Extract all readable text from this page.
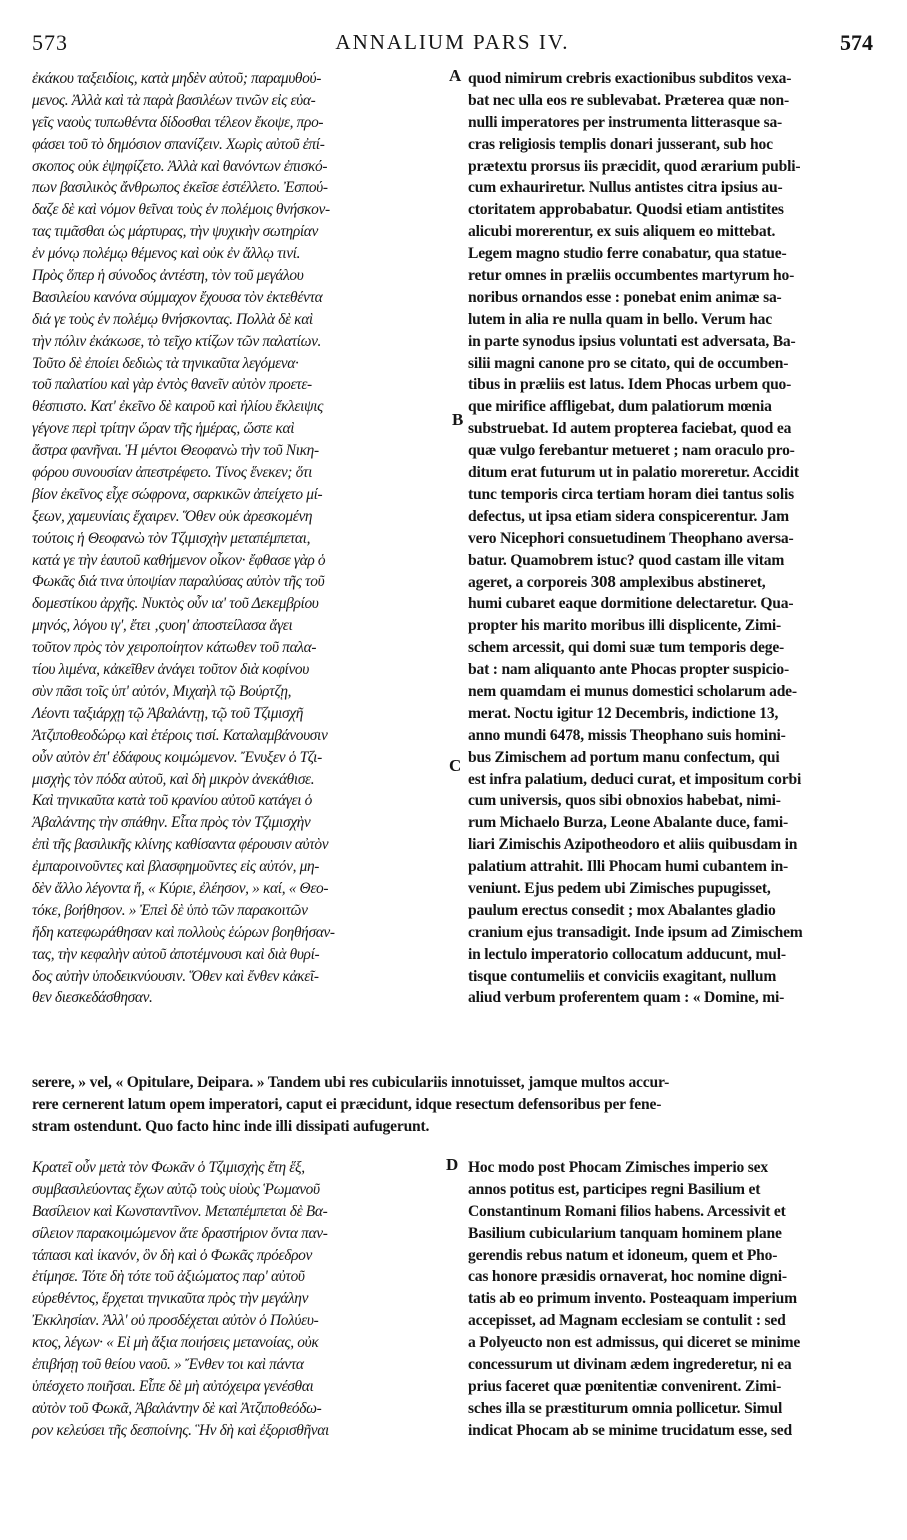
573	ANNALIUM PARS IV.	574
ἐκάκου ταξειδίοις, κατὰ μηδὲν αὐτοῦ; παραμυθού-
μενος. Ἀλλὰ καὶ τὰ παρὰ βασιλέων τινῶν εἰς εὐα-
γεῖς ναοὺς τυπωθέντα δίδοσθαι τέλεον ἔκοψε, προ-
φάσει τοῦ τὸ δημόσιον σπανίζειν. Χωρὶς αὐτοῦ ἐπί-
σκοπος οὐκ ἐψηφίζετο. Ἀλλὰ καὶ θανόντων ἐπισκό-
πων βασιλικὸς ἄνθρωπος ἐκεῖσε ἐστέλλετο. Ἐσπού-
δαζε δὲ καὶ νόμον θεῖναι τοὺς ἐν πολέμοις θνήσκον-
τας τιμᾶσθαι ὡς μάρτυρας, τὴν ψυχικὴν σωτηρίαν
ἐν μόνῳ πολέμῳ θέμενος καὶ οὐκ ἐν ἄλλῳ τινί.
Πρὸς ὅπερ ἡ σύνοδος ἀντέστη, τὸν τοῦ μεγάλου
Βασιλείου κανόνα σύμμαχον ἔχουσα τὸν ἐκτεθέντα
διά γε τοὺς ἐν πολέμῳ θνήσκοντας. Πολλὰ δὲ καὶ
τὴν πόλιν ἐκάκωσε, τὸ τεῖχο κτίζων τῶν παλατίων.
Τοῦτο δὲ ἐποίει δεδιὼς τὰ τηνικαῦτα λεγόμενα·
τοῦ παλατίου καὶ γὰρ ἐντὸς θανεῖν αὐτὸν προετε-
θέσπιστο. Κατ' ἐκεῖνο δὲ καιροῦ καὶ ἡλίου ἔκλειψις
γέγονε περὶ τρίτην ὥραν τῆς ἡμέρας, ὥστε καὶ
ἄστρα φανῆναι. Ἡ μέντοι Θεοφανὼ τὴν τοῦ Νικη-
φόρου συνουσίαν ἀπεστρέφετο. Τίνος ἕνεκεν; ὅτι
βίον ἐκεῖνος εἶχε σώφρονα, σαρκικῶν ἀπείχετο μί-
ξεων, χαμευνίαις ἔχαιρεν. Ὅθεν οὐκ ἀρεσκομένη
τούτοις ἡ Θεοφανὼ τὸν Τζιμισχὴν μεταπέμπεται,
κατά γε τὴν ἑαυτοῦ καθήμενον οἶκον· ἔφθασε γὰρ ὁ
Φωκᾶς διά τινα ὑποψίαν παραλύσας αὐτὸν τῆς τοῦ
δομεστίκου ἀρχῆς. Νυκτὸς οὖν ια' τοῦ Δεκεμβρίου
μηνός, λόγου ιγ', ἔτει ‚ςυοη' ἀποστείλασα ἄγει
τοῦτον πρὸς τὸν χειροποίητον κάτωθεν τοῦ παλα-
τίου λιμένα, κἀκεῖθεν ἀνάγει τοῦτον διὰ κοφίνου
σὺν πᾶσι τοῖς ὑπ' αὐτόν, Μιχαὴλ τῷ Βούρτζῃ,
Λέοντι ταξιάρχῃ τῷ Ἀβαλάντῃ, τῷ τοῦ Τζιμισχῆ
Ἀτζιποθεοδώρῳ καὶ ἑτέροις τισί. Καταλαμβάνουσιν
οὖν αὐτὸν ἐπ' ἐδάφους κοιμώμενον. Ἔνυξεν ὁ Τζι-
μισχὴς τὸν πόδα αὐτοῦ, καὶ δὴ μικρὸν ἀνεκάθισε.
Καὶ τηνικαῦτα κατὰ τοῦ κρανίου αὐτοῦ κατάγει ὁ
Ἀβαλάντης τὴν σπάθην. Εἶτα πρὸς τὸν Τζιμισχὴν
ἐπὶ τῆς βασιλικῆς κλίνης καθίσαντα φέρουσιν αὐτὸν
ἐμπαροινοῦντες καὶ βλασφημοῦντες εἰς αὐτόν, μη-
δὲν ἄλλο λέγοντα ἤ, « Κύριε, ἐλέησον, » καί, « Θεο-
τόκε, βοήθησον. » Ἐπεὶ δὲ ὑπὸ τῶν παρακοιτῶν
ἤδη κατεφωράθησαν καὶ πολλοὺς ἑώρων βοηθήσαν-
τας, τὴν κεφαλὴν αὐτοῦ ἀποτέμνουσι καὶ διὰ θυρί-
δος αὐτὴν ὑποδεικνύουσιν. Ὅθεν καὶ ἔνθεν κἀκεῖ-
θεν διεσκεδάσθησαν.
quod nimirum crebris exactionibus subditos vexa-
bat nec ulla eos re sublevabat. Præterea quæ non-
nulli imperatores per instrumenta litterasque sa-
cras religiosis templis donari jusserant, sub hoc
prætextu prorsus iis præcidit, quod ærarium publi-
cum exhauriretur. Nullus antistes citra ipsius au-
ctoritatem approbabatur. Quodsi etiam antistites
alicubi morerentur, ex suis aliquem eo mittebat.
Legem magno studio ferre conabatur, qua statue-
retur omnes in præliis occumbentes martyrum ho-
noribus ornandos esse : ponebat enim animæ sa-
lutem in alia re nulla quam in bello. Verum hac
in parte synodus ipsius voluntati est adversata, Ba-
silii magni canone pro se citato, qui de occumben-
tibus in præliis est latus. Idem Phocas urbem quo-
que mirifice affligebat, dum palatiorum mœnia
substruebat. Id autem propterea faciebat, quod ea
quæ vulgo ferebantur metueret ; nam oraculo pro-
ditum erat futurum ut in palatio moreretur. Accidit
tunc temporis circa tertiam horam diei tantus solis
defectus, ut ipsa etiam sidera conspicerentur. Jam
vero Nicephori consuetudinem Theophano aversa-
batur. Quamobrem istuc? quod castam ille vitam
ageret, a corporeis 308 amplexibus abstineret,
humi cubaret eaque dormitione delectaretur. Qua-
propter his marito moribus illi displicente, Zimi-
schem arcessit, qui domi suæ tum temporis dege-
bat : nam aliquanto ante Phocas propter suspicio-
nem quamdam ei munus domestici scholarum ade-
merat. Noctu igitur 12 Decembris, indictione 13,
anno mundi 6478, missis Theophano suis homini-
bus Zimischem ad portum manu confectum, qui
est infra palatium, deduci curat, et impositum corbi
cum universis, quos sibi obnoxios habebat, nimi-
rum Michaelo Burza, Leone Abalante duce, fami-
liari Zimischis Azipotheodoro et aliis quibusdam in
palatium attrahit. Illi Phocam humi cubantem in-
veniunt. Ejus pedem ubi Zimisches pupugisset,
paulum erectus consedit ; mox Abalantes gladio
cranium ejus transadigit. Inde ipsum ad Zimischem
in lectulo imperatorio collocatum adducunt, mul-
tisque contumeliis et conviciis exagitant, nullum
aliud verbum proferentem quam : « Domine, mi-
A
B
C
D
serere, » vel, « Opitulare, Deipara. » Tandem ubi res cubiculariis innotuisset, jamque multos accur-
rere cernerent latum opem imperatori, caput ei præcidunt, idque resectum defensoribus per fene-
stram ostendunt. Quo facto hinc inde illi dissipati aufugerunt.
Κρατεῖ οὖν μετὰ τὸν Φωκᾶν ὁ Τζιμισχὴς ἔτη ἕξ,
συμβασιλεύοντας ἔχων αὐτῷ τοὺς υἱοὺς Ῥωμανοῦ
Βασίλειον καὶ Κωνσταντῖνον. Μεταπέμπεται δὲ Βα-
σίλειον παρακοιμώμενον ἅτε δραστήριον ὄντα παν-
τάπασι καὶ ἱκανόν, ὃν δὴ καὶ ὁ Φωκᾶς πρόεδρον
ἐτίμησε. Τότε δὴ τότε τοῦ ἀξιώματος παρ' αὐτοῦ
εὑρεθέντος, ἔρχεται τηνικαῦτα πρὸς τὴν μεγάλην
Ἐκκλησίαν. Ἀλλ' οὐ προσδέχεται αὐτὸν ὁ Πολύευ-
κτος, λέγων· « Εἰ μὴ ἄξια ποιήσεις μετανοίας, οὐκ
ἐπιβήσῃ τοῦ θείου ναοῦ. » Ἔνθεν τοι καὶ πάντα
ὑπέσχετο ποιῆσαι. Εἶπε δὲ μὴ αὐτόχειρα γενέσθαι
αὐτὸν τοῦ Φωκᾶ, Ἀβαλάντην δὲ καὶ Ἀτζιποθεόδω-
ρον κελεύσει τῆς δεσποίνης. Ἣν δὴ καὶ ἐξορισθῆναι
Hoc modo post Phocam Zimisches imperio sex
annos potitus est, participes regni Basilium et
Constantinum Romani filios habens. Arcessivit et
Basilium cubicularium tanquam hominem plane
gerendis rebus natum et idoneum, quem et Pho-
cas honore præsidis ornaverat, hoc nomine digni-
tatis ab eo primum invento. Posteaquam imperium
accepisset, ad Magnam ecclesiam se contulit : sed
a Polyeucto non est admissus, qui diceret se minime
concessurum ut divinam ædem ingrederetur, ni ea
prius faceret quæ pœnitentiæ convenirent. Zimi-
sches illa se præstiturum omnia pollicetur. Simul
indicat Phocam ab se minime trucidatum esse, sed
